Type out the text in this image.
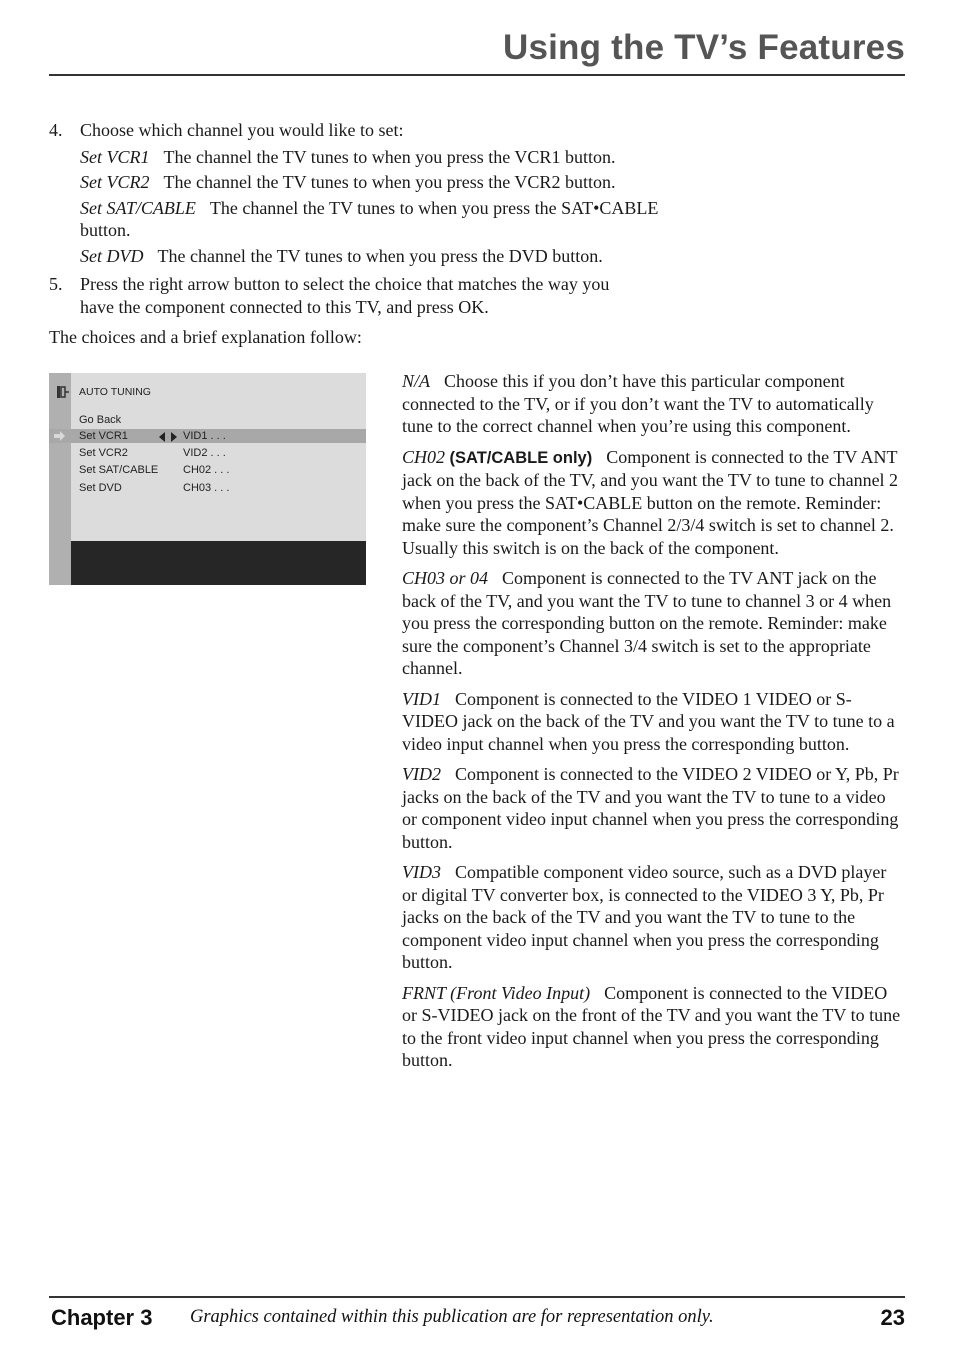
Using the TV’s Features
4. Choose which channel you would like to set:
Set VCR1 The channel the TV tunes to when you press the VCR1 button.
Set VCR2 The channel the TV tunes to when you press the VCR2 button.
Set SAT/CABLE The channel the TV tunes to when you press the SAT•CABLE
button.
Set DVD The channel the TV tunes to when you press the DVD button.
5. Press the right arrow button to select the choice that matches the way you
have the component connected to this TV, and press OK.
The choices and a brief explanation follow:
AUTO TUNING
Go Back
Set VCR1	VID1 . . .
Set VCR2	VID2 . . .
Set SAT/CABLE CH02 . . .
Set DVD	CH03 . . .

N/A Choose this if you don’t have this particular component connected to the TV, or if you don’t want the TV to automatically tune to the correct channel when you’re using this component.

CH02 (SAT/CABLE only) Component is connected to the TV ANT jack on the back of the TV, and you want the TV to tune to channel 2 when you press the SAT•CABLE button on the remote. Reminder: make sure the component’s Channel 2/3/4 switch is set to channel 2. Usually this switch is on the back of the component.

CH03 or 04 Component is connected to the TV ANT jack on the back of the TV, and you want the TV to tune to channel 3 or 4 when you press the corresponding button on the remote. Reminder: make sure the component’s Channel 3/4 switch is set to the appropriate channel.

VID1 Component is connected to the VIDEO 1 VIDEO or S-VIDEO jack on the back of the TV and you want the TV to tune to a video input channel when you press the corresponding button.

VID2 Component is connected to the VIDEO 2 VIDEO or Y, Pb, Pr jacks on the back of the TV and you want the TV to tune to a video or component video input channel when you press the corresponding button.

VID3 Compatible component video source, such as a DVD player or digital TV converter box, is connected to the VIDEO 3 Y, Pb, Pr jacks on the back of the TV and you want the TV to tune to the component video input channel when you press the corresponding button.

FRNT (Front Video Input) Component is connected to the VIDEO or S-VIDEO jack on the front of the TV and you want the TV to tune to the front video input channel when you press the corresponding button.

Chapter 3 Graphics contained within this publication are for representation only.	23
